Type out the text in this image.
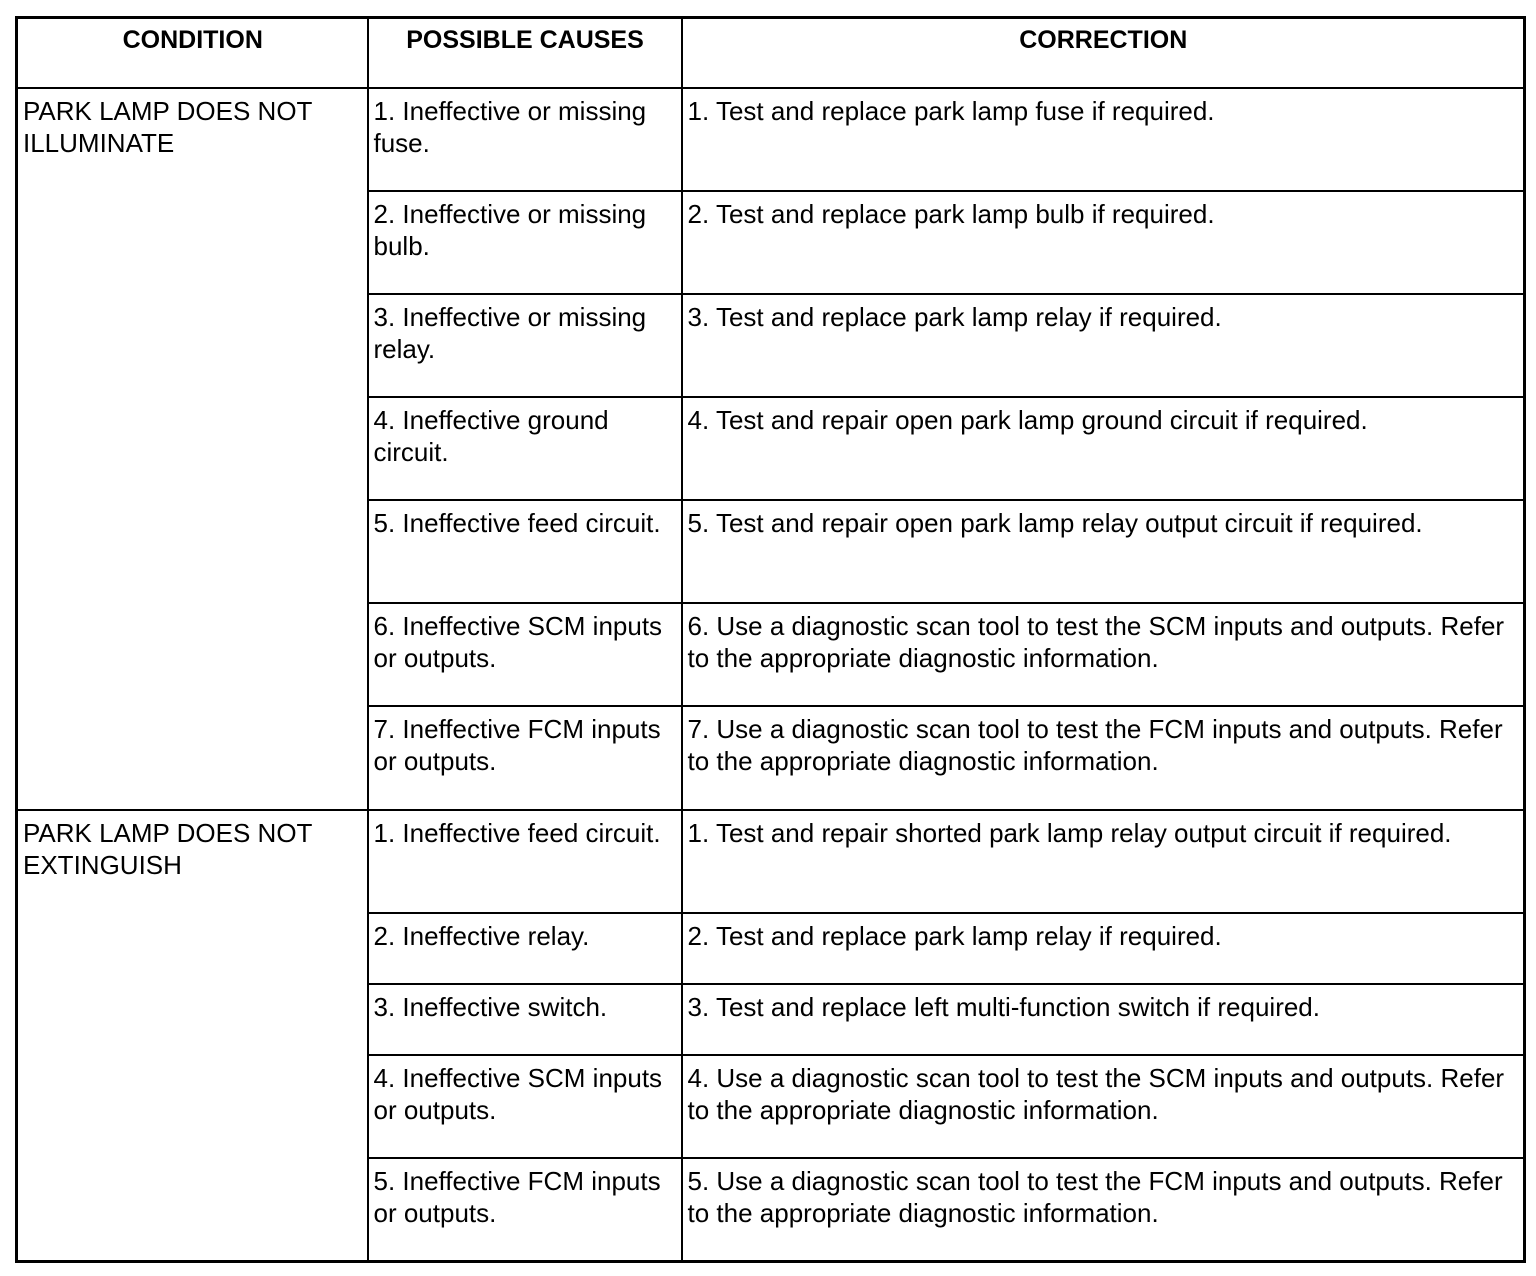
CONDITION	POSSIBLE CAUSES	CORRECTION
PARK LAMP DOES NOT ILLUMINATE	1. Ineffective or missing fuse.	1. Test and replace park lamp fuse if required.
	2. Ineffective or missing bulb.	2. Test and replace park lamp bulb if required.
	3. Ineffective or missing relay.	3. Test and replace park lamp relay if required.
	4. Ineffective ground circuit.	4. Test and repair open park lamp ground circuit if required.
	5. Ineffective feed circuit.	5. Test and repair open park lamp relay output circuit if required.
	6. Ineffective SCM inputs or outputs.	6. Use a diagnostic scan tool to test the SCM inputs and outputs. Refer to the appropriate diagnostic information.
	7. Ineffective FCM inputs or outputs.	7. Use a diagnostic scan tool to test the FCM inputs and outputs. Refer to the appropriate diagnostic information.
PARK LAMP DOES NOT EXTINGUISH	1. Ineffective feed circuit.	1. Test and repair shorted park lamp relay output circuit if required.
	2. Ineffective relay.	2. Test and replace park lamp relay if required.
	3. Ineffective switch.	3. Test and replace left multi-function switch if required.
	4. Ineffective SCM inputs or outputs.	4. Use a diagnostic scan tool to test the SCM inputs and outputs. Refer to the appropriate diagnostic information.
	5. Ineffective FCM inputs or outputs.	5. Use a diagnostic scan tool to test the FCM inputs and outputs. Refer to the appropriate diagnostic information.
